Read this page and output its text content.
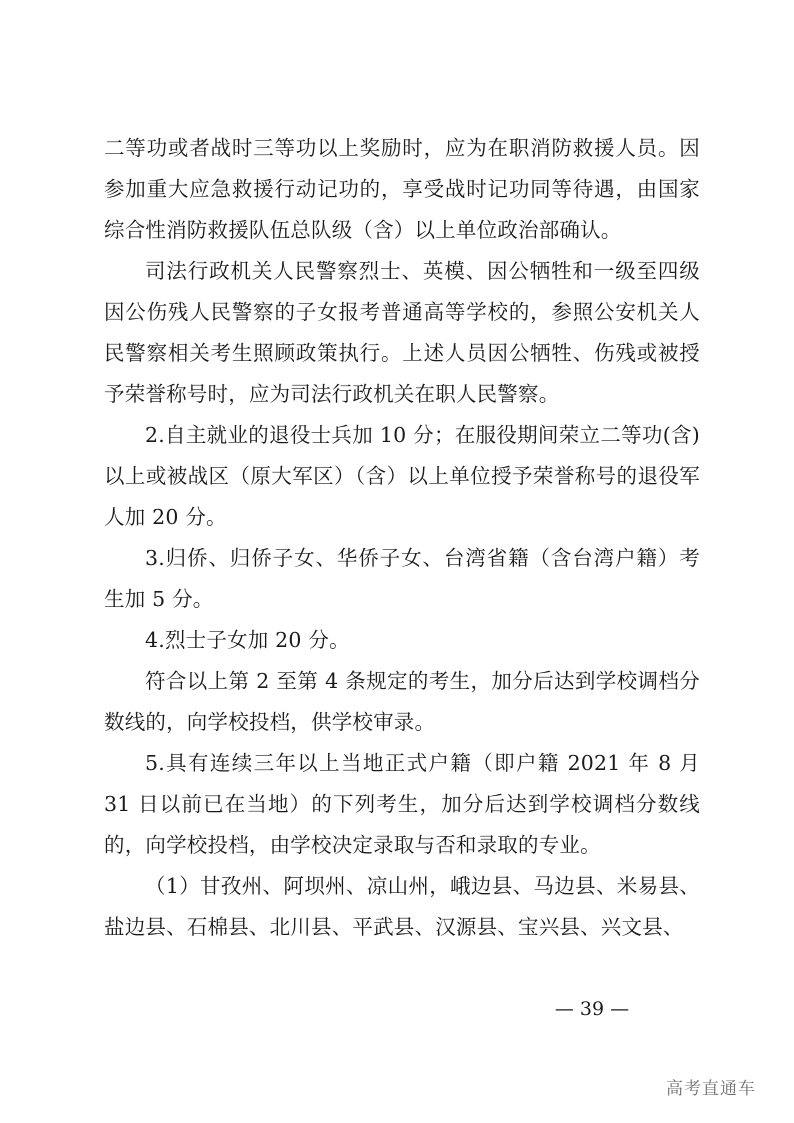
二等功或者战时三等功以上奖励时，应为在职消防救援人员。因参加重大应急救援行动记功的，享受战时记功同等待遇，由国家综合性消防救援队伍总队级（含）以上单位政治部确认。

司法行政机关人民警察烈士、英模、因公牺牲和一级至四级因公伤残人民警察的子女报考普通高等学校的，参照公安机关人民警察相关考生照顾政策执行。上述人员因公牺牲、伤残或被授予荣誉称号时，应为司法行政机关在职人民警察。

2.自主就业的退役士兵加 10 分；在服役期间荣立二等功(含)以上或被战区（原大军区）（含）以上单位授予荣誉称号的退役军人加 20 分。

3.归侨、归侨子女、华侨子女、台湾省籍（含台湾户籍）考生加 5 分。

4.烈士子女加 20 分。

符合以上第 2 至第 4 条规定的考生，加分后达到学校调档分数线的，向学校投档，供学校审录。

5.具有连续三年以上当地正式户籍（即户籍 2021 年 8 月 31 日以前已在当地）的下列考生，加分后达到学校调档分数线的，向学校投档，由学校决定录取与否和录取的专业。

（1）甘孜州、阿坝州、凉山州，峨边县、马边县、米易县、盐边县、石棉县、北川县、平武县、汉源县、宝兴县、兴文县、

— 39 —
高考直通车
